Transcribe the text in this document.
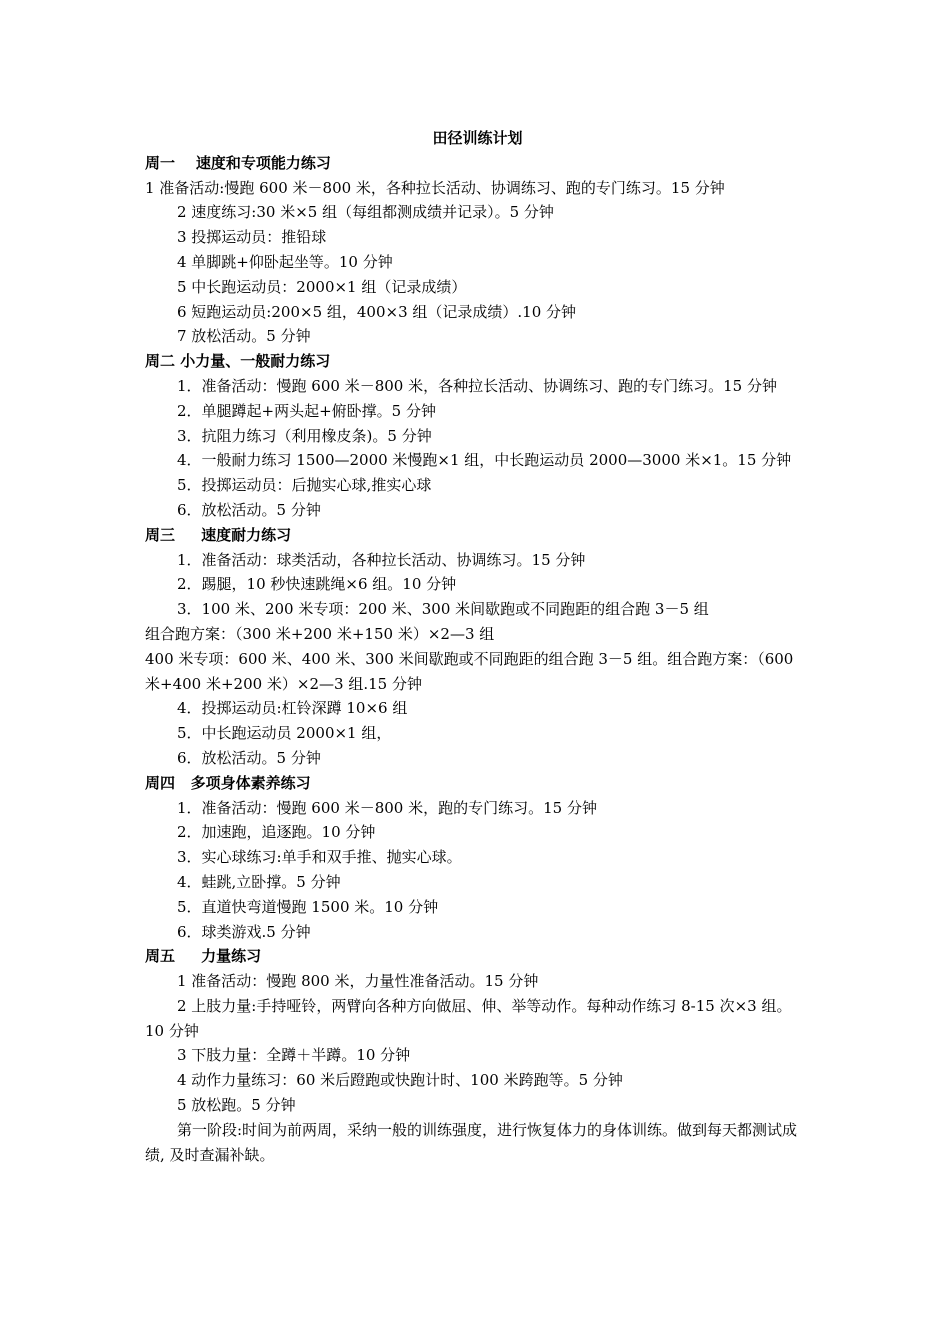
田径训练计划
周一    速度和专项能力练习
1 准备活动:慢跑 600 米－800 米，各种拉长活动、协调练习、跑的专门练习。15 分钟
2 速度练习:30 米×5 组（每组都测成绩并记录）。5 分钟
3 投掷运动员：推铅球
4 单脚跳+仰卧起坐等。10 分钟
5 中长跑运动员：2000×1 组（记录成绩）
6 短跑运动员:200×5 组，400×3 组（记录成绩）.10 分钟
7 放松活动。5 分钟
周二 小力量、一般耐力练习
1．准备活动：慢跑 600 米－800 米，各种拉长活动、协调练习、跑的专门练习。15 分钟
2．单腿蹲起+两头起+俯卧撑。5 分钟
3．抗阻力练习（利用橡皮条)。5 分钟
4．一般耐力练习 1500—2000 米慢跑×1 组，中长跑运动员 2000—3000 米×1。15 分钟
5．投掷运动员：后抛实心球,推实心球
6．放松活动。5 分钟
周三     速度耐力练习
1．准备活动：球类活动，各种拉长活动、协调练习。15 分钟
2．踢腿，10 秒快速跳绳×6 组。10 分钟
3．100 米、200 米专项：200 米、300 米间歇跑或不同跑距的组合跑 3－5 组
组合跑方案：（300 米+200 米+150 米）×2—3 组
400 米专项：600 米、400 米、300 米间歇跑或不同跑距的组合跑 3－5 组。组合跑方案：（600 米+400 米+200 米）×2—3 组.15 分钟
4．投掷运动员:杠铃深蹲 10×6 组
5．中长跑运动员 2000×1 组，
6．放松活动。5 分钟
周四   多项身体素养练习
1．准备活动：慢跑 600 米－800 米，跑的专门练习。15 分钟
2．加速跑，追逐跑。10 分钟
3．实心球练习:单手和双手推、抛实心球。
4．蛙跳,立卧撑。5 分钟
5．直道快弯道慢跑 1500 米。10 分钟
6．球类游戏.5 分钟
周五     力量练习
1 准备活动：慢跑 800 米，力量性准备活动。15 分钟
2 上肢力量:手持哑铃，两臂向各种方向做屈、伸、举等动作。每种动作练习 8-15 次×3 组。10 分钟
3 下肢力量：全蹲＋半蹲。10 分钟
4 动作力量练习：60 米后蹬跑或快跑计时、100 米跨跑等。5 分钟
5 放松跑。5 分钟
第一阶段:时间为前两周，采纳一般的训练强度，进行恢复体力的身体训练。做到每天都测试成绩, 及时查漏补缺。
